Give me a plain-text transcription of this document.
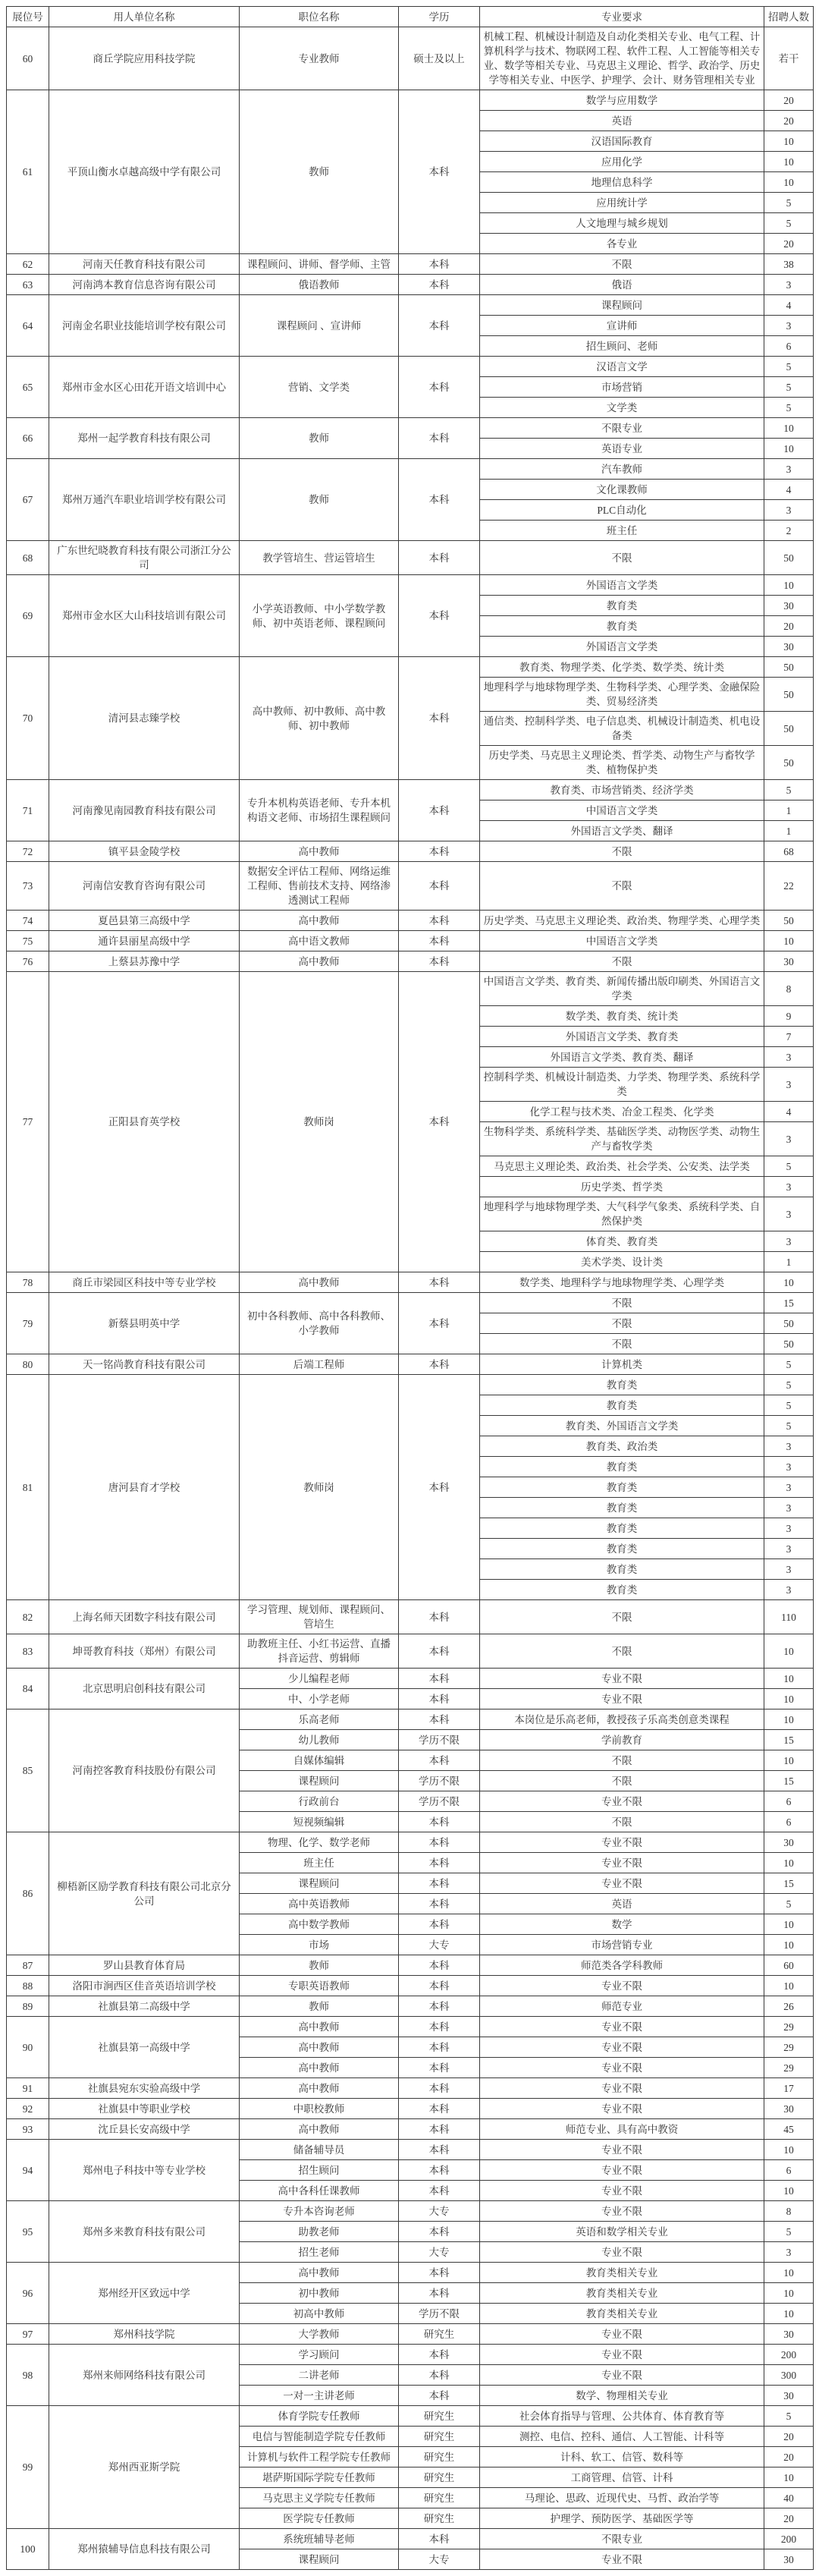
展位号	用人单位名称	职位名称	学历	专业要求	招聘人数
60	商丘学院应用科技学院	专业教师	硕士及以上	机械工程、机械设计制造及自动化类相关专业、电气工程、计算机科学与技术、物联网工程、软件工程、人工智能等相关专业、数学等相关专业、马克思主义理论、哲学、政治学、历史学等相关专业、中医学、护理学、会计、财务管理相关专业	若干
61	平顶山衡水卓越高级中学有限公司	教师	本科	数学与应用数学	20
				英语	20
				汉语国际教育	10
				应用化学	10
				地理信息科学	10
				应用统计学	5
				人文地理与城乡规划	5
				各专业	20
62	河南天任教育科技有限公司	课程顾问、讲师、督学师、主管	本科	不限	38
63	河南鸿本教育信息咨询有限公司	俄语教师	本科	俄语	3
64	河南金名职业技能培训学校有限公司	课程顾问 、宣讲师	本科	课程顾问	4
				宣讲师	3
				招生顾问、老师	6
65	郑州市金水区心田花开语文培训中心	营销、文学类	本科	汉语言文学	5
				市场营销	5
				文学类	5
66	郑州一起学教育科技有限公司	教师	本科	不限专业	10
				英语专业	10
67	郑州万通汽车职业培训学校有限公司	教师	本科	汽车教师	3
				文化课教师	4
				PLC自动化	3
				班主任	2
68	广东世纪晓教育科技有限公司浙江分公司	教学管培生、营运管培生	本科	不限	50
69	郑州市金水区大山科技培训有限公司	小学英语教师、中小学数学教师、初中英语老师、课程顾问	本科	外国语言文学类	10
				教育类	30
				教育类	20
				外国语言文学类	30
70	清河县志臻学校	高中教师、初中教师、高中教师、初中教师	本科	教育类、物理学类、化学类、数学类、统计类	50
				地理科学与地球物理学类、生物科学类、心理学类、金融保险类、贸易经济类	50
				通信类、控制科学类、电子信息类、机械设计制造类、机电设备类	50
				历史学类、马克思主义理论类、哲学类、动物生产与畜牧学类、植物保护类	50
71	河南豫见南园教育科技有限公司	专升本机构英语老师、专升本机构语文老师、市场招生课程顾问	本科	教育类、市场营销类、经济学类	5
				中国语言文学类	1
				外国语言文学类、翻译	1
72	镇平县金陵学校	高中教师	本科	不限	68
73	河南信安教育咨询有限公司	数据安全评估工程师、网络运维工程师、售前技术支持、网络渗透测试工程师	本科	不限	22
74	夏邑县第三高级中学	高中教师	本科	历史学类、马克思主义理论类、政治类、物理学类、心理学类	50
75	通许县丽星高级中学	高中语文教师	本科	中国语言文学类	10
76	上蔡县苏豫中学	高中教师	本科	不限	30
77	正阳县育英学校	教师岗	本科	中国语言文学类、教育类、新闻传播出版印刷类、外国语言文学类	8
				数学类、教育类、统计类	9
				外国语言文学类、教育类	7
				外国语言文学类、教育类、翻译	3
				控制科学类、机械设计制造类、力学类、物理学类、系统科学类	3
				化学工程与技术类、冶金工程类、化学类	4
				生物科学类、系统科学类、基础医学类、动物医学类、动物生产与畜牧学类	3
				马克思主义理论类、政治类、社会学类、公安类、法学类	5
				历史学类、哲学类	3
				地理科学与地球物理学类、大气科学气象类、系统科学类、自然保护类	3
				体育类、教育类	3
				美术学类、设计类	1
78	商丘市梁园区科技中等专业学校	高中教师	本科	数学类、地理科学与地球物理学类、心理学类	10
79	新蔡县明英中学	初中各科教师、高中各科教师、小学教师	本科	不限	15
				不限	50
				不限	50
80	天一铭尚教育科技有限公司	后端工程师	本科	计算机类	5
81	唐河县育才学校	教师岗	本科	教育类	5
				教育类	5
				教育类、外国语言文学类	5
				教育类、政治类	3
				教育类	3
				教育类	3
				教育类	3
				教育类	3
				教育类	3
				教育类	3
				教育类	3
82	上海名师天团数字科技有限公司	学习管理、规划师、课程顾问、管培生	本科	不限	110
83	坤哥教育科技（郑州）有限公司	助教班主任、小红书运营、直播抖音运营、剪辑师	本科	不限	10
84	北京思明启创科技有限公司	少儿编程老师	本科	专业不限	10
		中、小学老师	本科	专业不限	10
85	河南控客教育科技股份有限公司	乐高老师	本科	本岗位是乐高老师，教授孩子乐高类创意类课程	10
		幼儿教师	学历不限	学前教育	15
		自媒体编辑	本科	不限	10
		课程顾问	学历不限	不限	15
		行政前台	学历不限	专业不限	6
		短视频编辑	本科	不限	6
86	柳梧新区励学教育科技有限公司北京分公司	物理、化学、数学老师	本科	专业不限	30
		班主任	本科	专业不限	10
		课程顾问	本科	专业不限	15
		高中英语教师	本科	英语	5
		高中数学教师	本科	数学	10
		市场	大专	市场营销专业	10
87	罗山县教育体育局	教师	本科	师范类各学科教师	60
88	洛阳市涧西区佳音英语培训学校	专职英语教师	本科	专业不限	10
89	社旗县第二高级中学	教师	本科	师范专业	26
90	社旗县第一高级中学	高中教师	本科	专业不限	29
		高中教师	本科	专业不限	29
		高中教师	本科	专业不限	29
91	社旗县宛东实验高级中学	高中教师	本科	专业不限	17
92	社旗县中等职业学校	中职校教师	本科	专业不限	30
93	沈丘县长安高级中学	高中教师	本科	师范专业、具有高中教资	45
94	郑州电子科技中等专业学校	储备辅导员	本科	专业不限	10
		招生顾问	本科	专业不限	6
		高中各科任课教师	本科	专业不限	10
95	郑州多来教育科技有限公司	专升本咨询老师	大专	专业不限	8
		助教老师	本科	英语和数学相关专业	5
		招生老师	大专	专业不限	3
96	郑州经开区致远中学	高中教师	本科	教育类相关专业	10
		初中教师	本科	教育类相关专业	10
		初高中教师	学历不限	教育类相关专业	10
97	郑州科技学院	大学教师	研究生	专业不限	30
98	郑州来师网络科技有限公司	学习顾问	本科	专业不限	200
		二讲老师	本科	专业不限	300
		一对一主讲老师	本科	数学、物理相关专业	30
99	郑州西亚斯学院	体育学院专任教师	研究生	社会体育指导与管理、公共体育、体育教育等	5
		电信与智能制造学院专任教师	研究生	测控、电信、控科、通信、人工智能、计科等	20
		计算机与软件工程学院专任教师	研究生	计科、软工、信管、数科等	20
		堪萨斯国际学院专任教师	研究生	工商管理、信管、计科	10
		马克思主义学院专任教师	研究生	马理论、思政、近现代史、马哲、政治学等	40
		医学院专任教师	研究生	护理学、预防医学、基础医学等	20
100	郑州猿辅导信息科技有限公司	系统班辅导老师	本科	不限专业	200
		课程顾问	大专	专业不限	30
